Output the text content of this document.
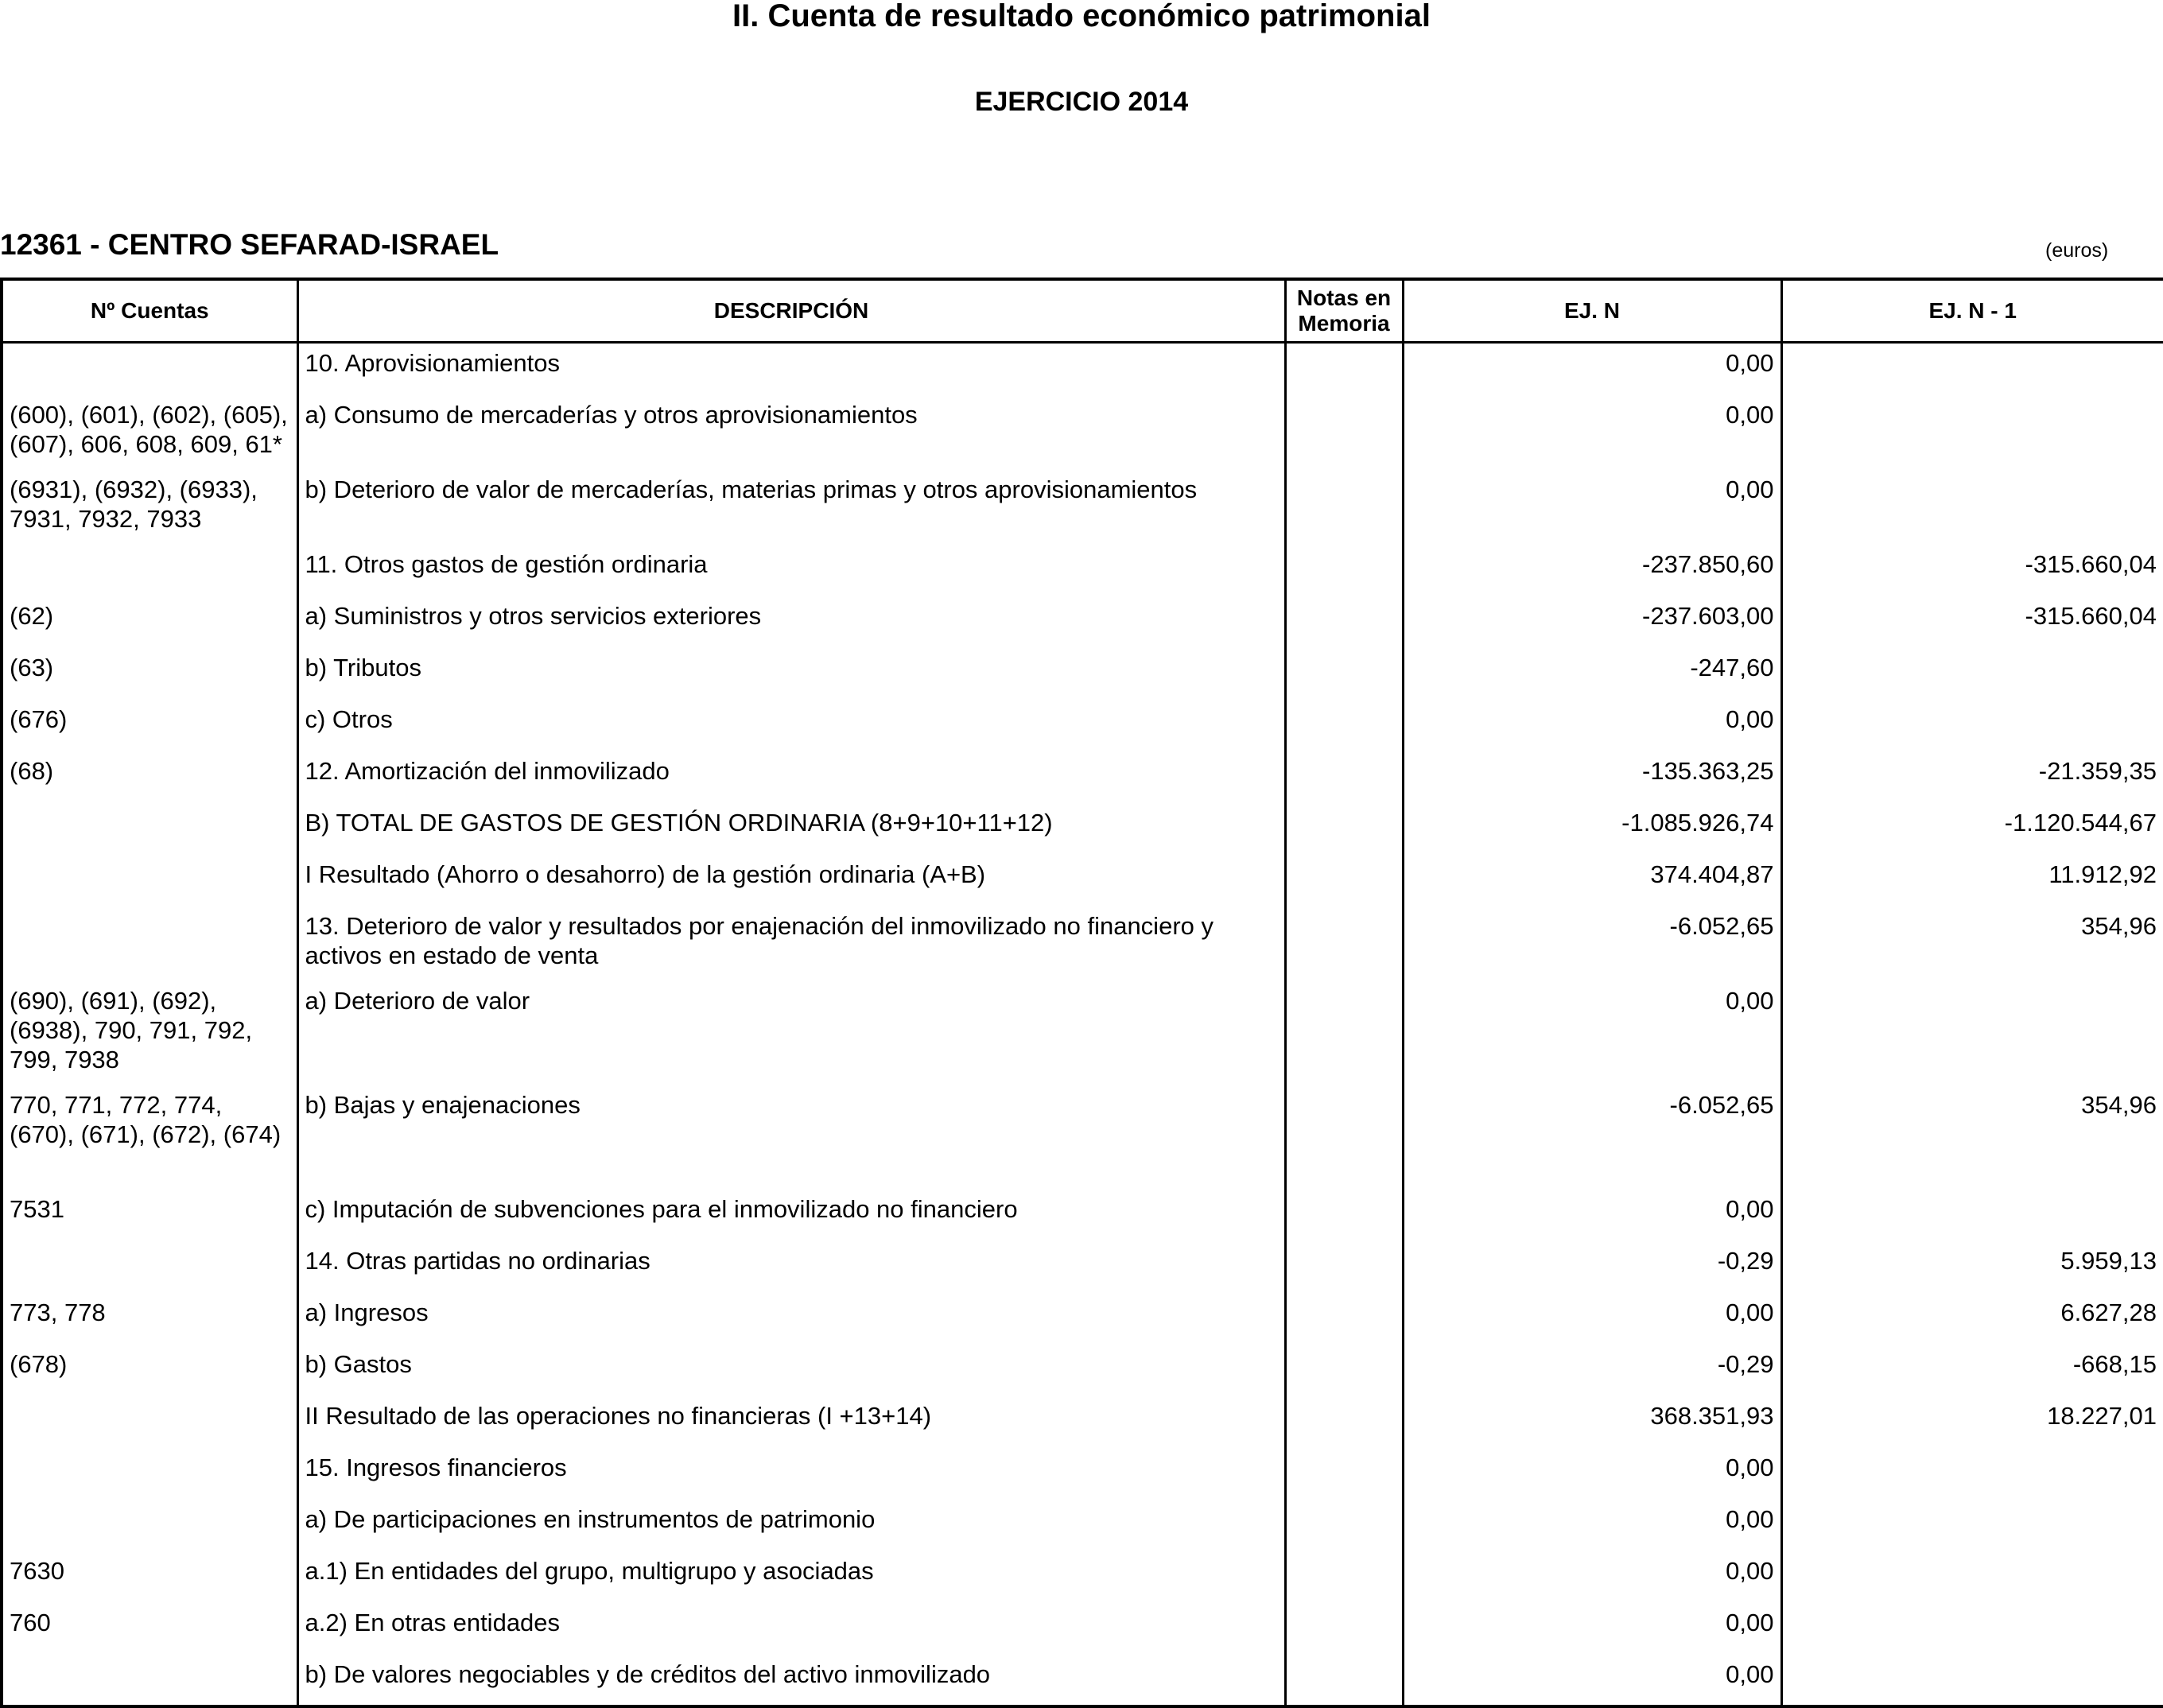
II. Cuenta de resultado económico patrimonial
EJERCICIO 2014
12361 - CENTRO SEFARAD-ISRAEL	(euros)
Nº Cuentas	DESCRIPCIÓN	Notas en Memoria	EJ. N	EJ. N - 1
	10. Aprovisionamientos		0,00	
(600), (601), (602), (605), (607), 606, 608, 609, 61*	a) Consumo de mercaderías y otros aprovisionamientos		0,00	
(6931), (6932), (6933), 7931, 7932, 7933	b) Deterioro de valor de mercaderías, materias primas y otros aprovisionamientos		0,00	
	11. Otros gastos de gestión ordinaria		-237.850,60	-315.660,04
(62)	a) Suministros y otros servicios exteriores		-237.603,00	-315.660,04
(63)	b) Tributos		-247,60	
(676)	c) Otros		0,00	
(68)	12. Amortización del inmovilizado		-135.363,25	-21.359,35
	B) TOTAL DE GASTOS DE GESTIÓN ORDINARIA (8+9+10+11+12)		-1.085.926,74	-1.120.544,67
	I Resultado (Ahorro o desahorro) de la gestión ordinaria (A+B)		374.404,87	11.912,92
	13. Deterioro de valor y resultados por enajenación del inmovilizado no financiero y activos en estado de venta		-6.052,65	354,96
(690), (691), (692), (6938), 790, 791, 792, 799, 7938	a) Deterioro de valor		0,00	
770, 771, 772, 774, (670), (671), (672), (674)	b) Bajas y enajenaciones		-6.052,65	354,96
7531	c) Imputación de subvenciones para el inmovilizado no financiero		0,00	
	14. Otras partidas no ordinarias		-0,29	5.959,13
773, 778	a) Ingresos		0,00	6.627,28
(678)	b) Gastos		-0,29	-668,15
	II Resultado de las operaciones no financieras (I +13+14)		368.351,93	18.227,01
	15. Ingresos financieros		0,00	
	a) De participaciones en instrumentos de patrimonio		0,00	
7630	a.1) En entidades del grupo, multigrupo y asociadas		0,00	
760	a.2) En otras entidades		0,00	
	b) De valores negociables y de créditos del activo inmovilizado		0,00	
